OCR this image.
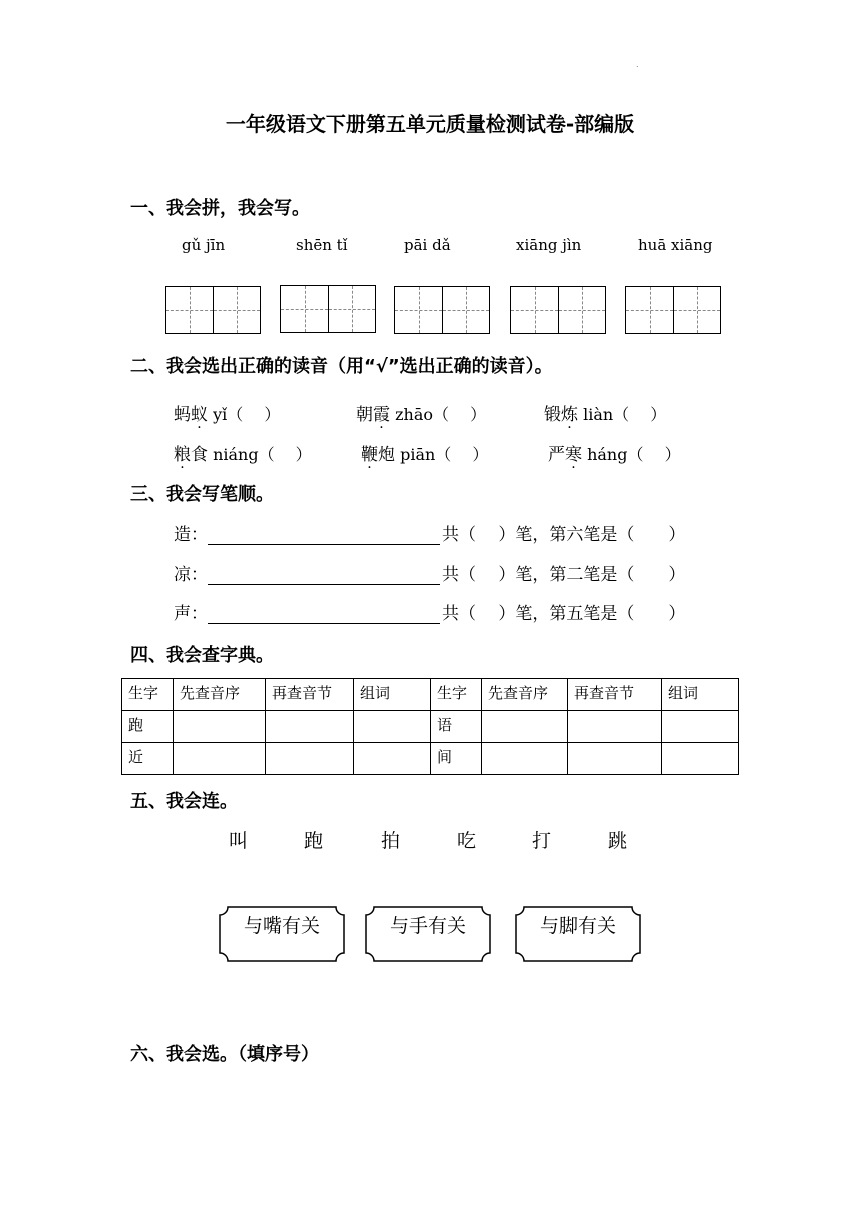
.
一年级语文下册第五单元质量检测试卷-部编版
一、我会拼，我会写。
gǔ jīn	shēn tǐ	pāi dǎ	xiāng jìn	huā xiāng
二、我会选出正确的读音（用“√”选出正确的读音）。
蚂蚁 yǐ（　 ）	朝霞 zhāo（　 ）	锻炼 liàn（　 ）
粮食 niáng（　 ）	鞭炮 piān（　 ）	严寒 háng（　 ）
三、我会写笔顺。
造：	共（　 ）笔，第六笔是（　　）
凉：	共（　 ）笔，第二笔是（　　）
声：	共（　 ）笔，第五笔是（　　）
四、我会查字典。
生字	先查音序	再查音节	组词	生字	先查音序	再查音节	组词
跑				语			
近				间			
五、我会连。
叫	跑	拍	吃	打	跳
与嘴有关	与手有关	与脚有关
六、我会选。（填序号）
